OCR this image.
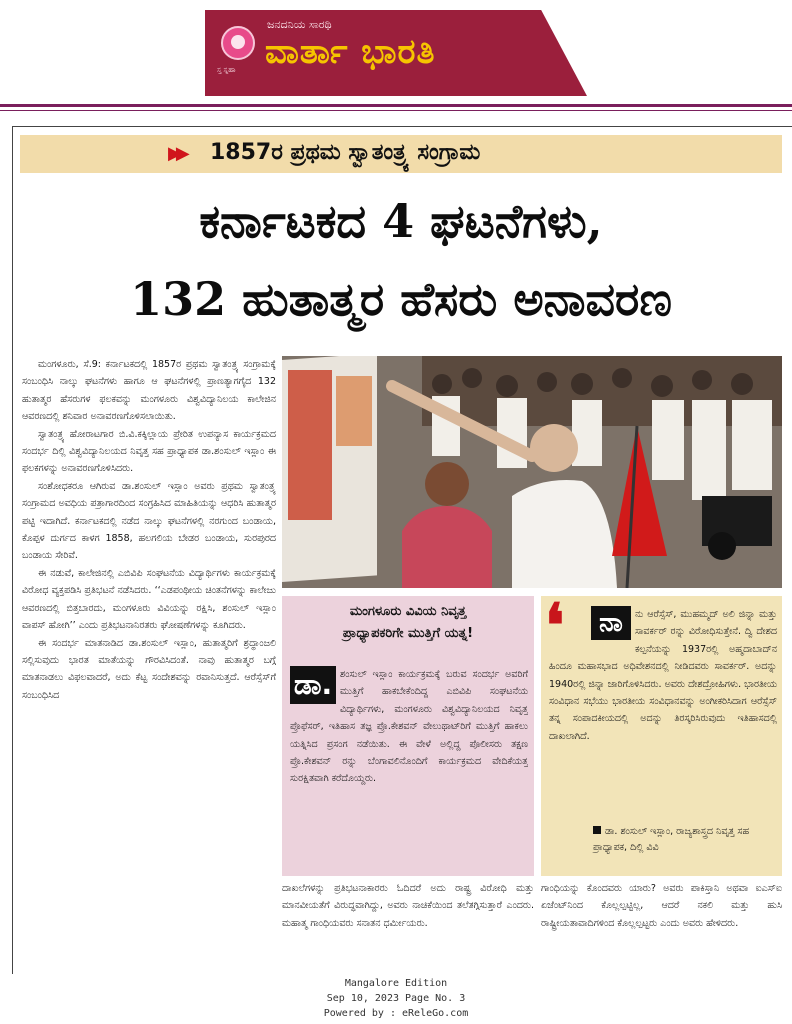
ಸ್ತ ಸ್ನಹಾ
ಜನದನಿಯ ಸಾರಥಿ
ವಾರ್ತಾ ಭಾರತಿ
▶▶ 1857ರ ಪ್ರಥಮ ಸ್ವಾತಂತ್ರ್ಯ ಸಂಗ್ರಾಮ
ಕರ್ನಾಟಕದ 4 ಘಟನೆಗಳು,
132 ಹುತಾತ್ಮರ ಹೆಸರು ಅನಾವರಣ

ಮಂಗಳೂರು, ಸೆ.9: ಕರ್ನಾಟಕದಲ್ಲಿ 1857ರ ಪ್ರಥಮ ಸ್ವಾತಂತ್ರ್ಯ ಸಂಗ್ರಾಮಕ್ಕೆ ಸಂಬಂಧಿಸಿ ನಾಲ್ಕು ಘಟನೆಗಳು ಹಾಗೂ ಆ ಘಟನೆಗಳಲ್ಲಿ ಪ್ರಾಣತ್ಯಾಗಗೈದ 132 ಹುತಾತ್ಮರ ಹೆಸರುಗಳ ಫಲಕವನ್ನು ಮಂಗಳೂರು ವಿಶ್ವವಿದ್ಯಾನಿಲಯ ಕಾಲೇಜಿನ ಆವರಣದಲ್ಲಿ ಶನಿವಾರ ಅನಾವರಣಗೊಳಿಸಲಾಯಿತು.

ಸ್ವಾತಂತ್ರ್ಯ ಹೋರಾಟಗಾರ ಬಿ.ವಿ.ಕಕ್ಕಿಲ್ಲಾಯ ಪ್ರೇರಿತ ಉಪನ್ಯಾಸ ಕಾರ್ಯಕ್ರಮದ ಸಂದರ್ಭ ದಿಲ್ಲಿ ವಿಶ್ವವಿದ್ಯಾನಿಲಯದ ನಿವೃತ್ತ ಸಹ ಪ್ರಾಧ್ಯಾಪಕ ಡಾ.ಶಂಸುಲ್ ಇಸ್ಲಾಂ ಈ ಫಲಕಗಳನ್ನು ಅನಾವರಣಗೊಳಿಸಿದರು.

ಸಂಶೋಧಕರೂ ಆಗಿರುವ ಡಾ.ಶಂಸುಲ್ ಇಸ್ಲಾಂ ಅವರು ಪ್ರಥಮ ಸ್ವಾತಂತ್ರ್ಯ ಸಂಗ್ರಾಮದ ಅವಧಿಯ ಪತ್ರಾಗಾರದಿಂದ ಸಂಗ್ರಹಿಸಿದ ಮಾಹಿತಿಯನ್ನು ಆಧರಿಸಿ ಹುತಾತ್ಮರ ಪಟ್ಟಿ ಇದಾಗಿದೆ. ಕರ್ನಾಟಕದಲ್ಲಿ ನಡೆದ ನಾಲ್ಕು ಘಟನೆಗಳಲ್ಲಿ ನರಗುಂದ ಬಂಡಾಯ, ಕೊಪ್ಪಳ ದುರ್ಗದ ಕಾಳಗ 1858, ಹಲಗಲಿಯ ಬೇಡರ ಬಂಡಾಯ, ಸುರಪುರದ ಬಂಡಾಯ ಸೇರಿವೆ.

ಈ ನಡುವೆ, ಕಾಲೇಜಿನಲ್ಲಿ ಎಬಿವಿಪಿ ಸಂಘಟನೆಯ ವಿದ್ಯಾರ್ಥಿಗಳು ಕಾರ್ಯಕ್ರಮಕ್ಕೆ ವಿರೋಧ ವ್ಯಕ್ತಪಡಿಸಿ ಪ್ರತಿಭಟನೆ ನಡೆಸಿದರು. ‘‘ಎಡಪಂಥೀಯ ಚಿಂತನೆಗಳನ್ನು ಕಾಲೇಜು ಆವರಣದಲ್ಲಿ ಬಿತ್ತಬಾರದು, ಮಂಗಳೂರು ವಿವಿಯನ್ನು ರಕ್ಷಿಸಿ, ಶಂಸುಲ್ ಇಸ್ಲಾಂ ವಾಪಸ್ ಹೋಗಿ’’ ಎಂದು ಪ್ರತಿಭಟನಾನಿರತರು ಘೋಷಣೆಗಳನ್ನು ಕೂಗಿದರು.

ಈ ಸಂದರ್ಭ ಮಾತನಾಡಿದ ಡಾ.ಶಂಸುಲ್ ಇಸ್ಲಾಂ, ಹುತಾತ್ಮರಿಗೆ ಶ್ರದ್ಧಾಂಜಲಿ ಸಲ್ಲಿಸುವುದು ಭಾರತ ಮಾತೆಯನ್ನು ಗೌರವಿಸಿದಂತೆ. ನಾವು ಹುತಾತ್ಮರ ಬಗ್ಗೆ ಮಾತನಾಡಲು ವಿಫಲವಾದರೆ, ಅದು ಕೆಟ್ಟ ಸಂದೇಶವನ್ನು ರವಾನಿಸುತ್ತದೆ. ಆರೆಸ್ಸೆಸ್‌ಗೆ ಸಂಬಂಧಿಸಿದ

ಮಂಗಳೂರು ವಿವಿಯ ನಿವೃತ್ತ
ಪ್ರಾಧ್ಯಾಪಕರಿಗೇ ಮುತ್ತಿಗೆ ಯತ್ನ!
ಶಂಸುಲ್ ಇಸ್ಲಾಂ ಕಾರ್ಯಕ್ರಮಕ್ಕೆ ಬರುವ ಸಂದರ್ಭ ಅವರಿಗೆ ಮುತ್ತಿಗೆ ಹಾಕಬೇಕೆಂದಿದ್ದ ಎಬಿವಿಪಿ ಸಂಘಟನೆಯ ವಿದ್ಯಾರ್ಥಿಗಳು, ಮಂಗಳೂರು ವಿಶ್ವವಿದ್ಯಾನಿಲಯದ ನಿವೃತ್ತ ಪ್ರೊಫೆಸರ್, ಇತಿಹಾಸ ತಜ್ಞ ಪ್ರೊ.ಕೇಶವನ್ ವೇಲುಥಾಟ್‌ರಿಗೆ ಮುತ್ತಿಗೆ ಹಾಕಲು ಯತ್ನಿಸಿದ ಪ್ರಸಂಗ ನಡೆಯಿತು. ಈ ವೇಳೆ ಅಲ್ಲಿದ್ದ ಪೊಲೀಸರು ತಕ್ಷಣ ಪ್ರೊ.ಕೇಶವನ್ ರನ್ನು ಬೆಂಗಾವಲಿನೊಂದಿಗೆ ಕಾರ್ಯಕ್ರಮದ ವೇದಿಕೆಯತ್ತ ಸುರಕ್ಷಿತವಾಗಿ ಕರೆದೊಯ್ದರು.
ಡಾ.
ನು ಆರೆಸ್ಸೆಸ್, ಮುಹಮ್ಮದ್ ಅಲಿ ಜಿನ್ನಾ ಮತ್ತು ಸಾವರ್ಕರ್ ರನ್ನು ವಿರೋಧಿಸುತ್ತೇನೆ. ದ್ವಿ ದೇಶದ ಕಲ್ಪನೆಯನ್ನು 1937ರಲ್ಲಿ ಅಹ್ಮದಾಬಾದ್‌ನ ಹಿಂದೂ ಮಹಾಸಭಾದ ಅಧಿವೇಶನದಲ್ಲಿ ನೀಡಿದವರು ಸಾವರ್ಕರ್. ಅದನ್ನು 1940ರಲ್ಲಿ ಜಿನ್ನಾ ಜಾರಿಗೊಳಿಸಿದರು. ಅವರು ದೇಶದ್ರೋಹಿಗಳು. ಭಾರತೀಯ ಸಂವಿಧಾನ ಸಭೆಯು ಭಾರತೀಯ ಸಂವಿಧಾನವನ್ನು ಅಂಗೀಕರಿಸಿದಾಗ ಆರೆಸ್ಸೆಸ್ ತನ್ನ ಸಂಪಾದಕೀಯದಲ್ಲಿ ಅದನ್ನು ತಿರಸ್ಕರಿಸಿರುವುದು ಇತಿಹಾಸದಲ್ಲಿ ದಾಖಲಾಗಿದೆ.
❛	ನಾ
ಡಾ. ಶಂಸುಲ್ ಇಸ್ಲಾಂ, ರಾಜ್ಯಶಾಸ್ತ್ರದ ನಿವೃತ್ತ ಸಹ ಪ್ರಾಧ್ಯಾಪಕ, ದಿಲ್ಲಿ ವಿವಿ
ದಾಖಲೆಗಳನ್ನು ಪ್ರತಿಭಟನಾಕಾರರು ಓದಿದರೆ ಅದು ರಾಷ್ಟ್ರ ವಿರೋಧಿ ಮತ್ತು ಮಾನವೀಯತೆಗೆ ವಿರುದ್ಧವಾಗಿದ್ದು, ಅವರು ನಾಚಿಕೆಯಿಂದ ತಲೆತಗ್ಗಿಸುತ್ತಾರೆ ಎಂದರು. ಮಹಾತ್ಮ ಗಾಂಧಿಯವರು ಸನಾತನ ಧರ್ಮೀಯರು.
ಗಾಂಧಿಯನ್ನು ಕೊಂದವರು ಯಾರು? ಅವರು ಪಾಕಿಸ್ತಾನಿ ಅಥವಾ ಐಎಸ್ಐ ಏಜೆಂಟ್‌ನಿಂದ ಕೊಲ್ಲಲ್ಪಟ್ಟಿಲ್ಲ, ಆದರೆ ನಕಲಿ ಮತ್ತು ಹುಸಿ ರಾಷ್ಟ್ರೀಯತಾವಾದಿಗಳಿಂದ ಕೊಲ್ಲಲ್ಪಟ್ಟರು ಎಂದು ಅವರು ಹೇಳಿದರು.
Mangalore Edition
Sep 10, 2023 Page No. 3
Powered by : eReleGo.com
